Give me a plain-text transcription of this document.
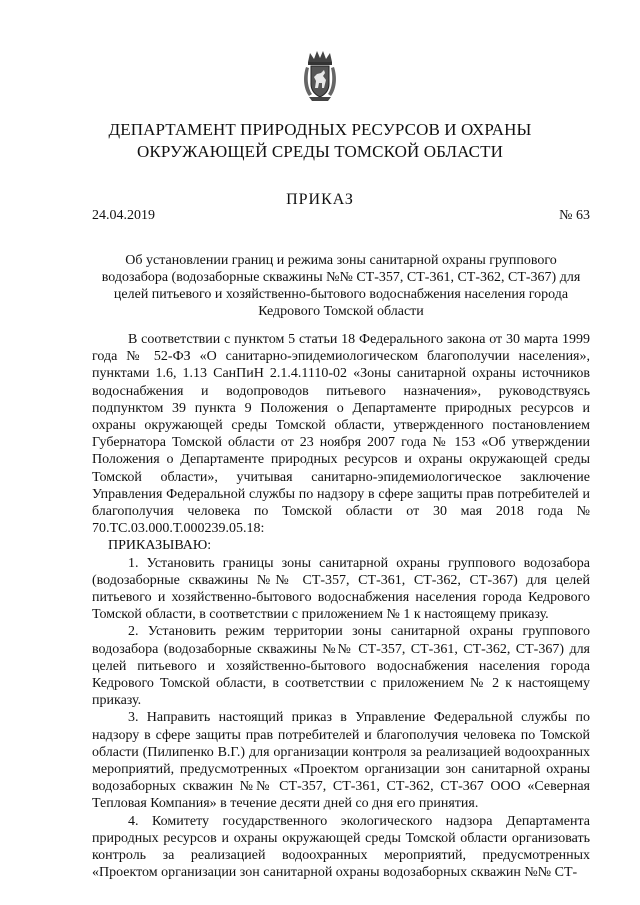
ДЕПАРТАМЕНТ ПРИРОДНЫХ РЕСУРСОВ И ОХРАНЫ ОКРУЖАЮЩЕЙ СРЕДЫ ТОМСКОЙ ОБЛАСТИ
ПРИКАЗ
24.04.2019	№ 63
Об установлении границ и режима зоны санитарной охраны группового водозабора (водозаборные скважины №№ СТ-357, СТ-361, СТ-362, СТ-367) для целей питьевого и хозяйственно-бытового водоснабжения населения города Кедрового Томской области

В соответствии с пунктом 5 статьи 18 Федерального закона от 30 марта 1999 года № 52-ФЗ «О санитарно-эпидемиологическом благополучии населения», пунктами 1.6, 1.13 СанПиН 2.1.4.1110-02 «Зоны санитарной охраны источников водоснабжения и водопроводов питьевого назначения», руководствуясь подпунктом 39 пункта 9 Положения о Департаменте природных ресурсов и охраны окружающей среды Томской области, утвержденного постановлением Губернатора Томской области от 23 ноября 2007 года № 153 «Об утверждении Положения о Департаменте природных ресурсов и охраны окружающей среды Томской области», учитывая санитарно-эпидемиологическое заключение Управления Федеральной службы по надзору в сфере защиты прав потребителей и благополучия человека по Томской области от 30 мая 2018 года № 70.ТС.03.000.Т.000239.05.18:

ПРИКАЗЫВАЮ:

1. Установить границы зоны санитарной охраны группового водозабора (водозаборные скважины №№ СТ-357, СТ-361, СТ-362, СТ-367) для целей питьевого и хозяйственно-бытового водоснабжения населения города Кедрового Томской области, в соответствии с приложением № 1 к настоящему приказу.

2. Установить режим территории зоны санитарной охраны группового водозабора (водозаборные скважины №№ СТ-357, СТ-361, СТ-362, СТ-367) для целей питьевого и хозяйственно-бытового водоснабжения населения города Кедрового Томской области, в соответствии с приложением № 2 к настоящему приказу.

3. Направить настоящий приказ в Управление Федеральной службы по надзору в сфере защиты прав потребителей и благополучия человека по Томской области (Пилипенко В.Г.) для организации контроля за реализацией водоохранных мероприятий, предусмотренных «Проектом организации зон санитарной охраны водозаборных скважин №№ СТ-357, СТ-361, СТ-362, СТ-367 ООО «Северная Тепловая Компания» в течение десяти дней со дня его принятия.

4. Комитету государственного экологического надзора Департамента природных ресурсов и охраны окружающей среды Томской области организовать контроль за реализацией водоохранных мероприятий, предусмотренных «Проектом организации зон санитарной охраны водозаборных скважин №№ СТ-
